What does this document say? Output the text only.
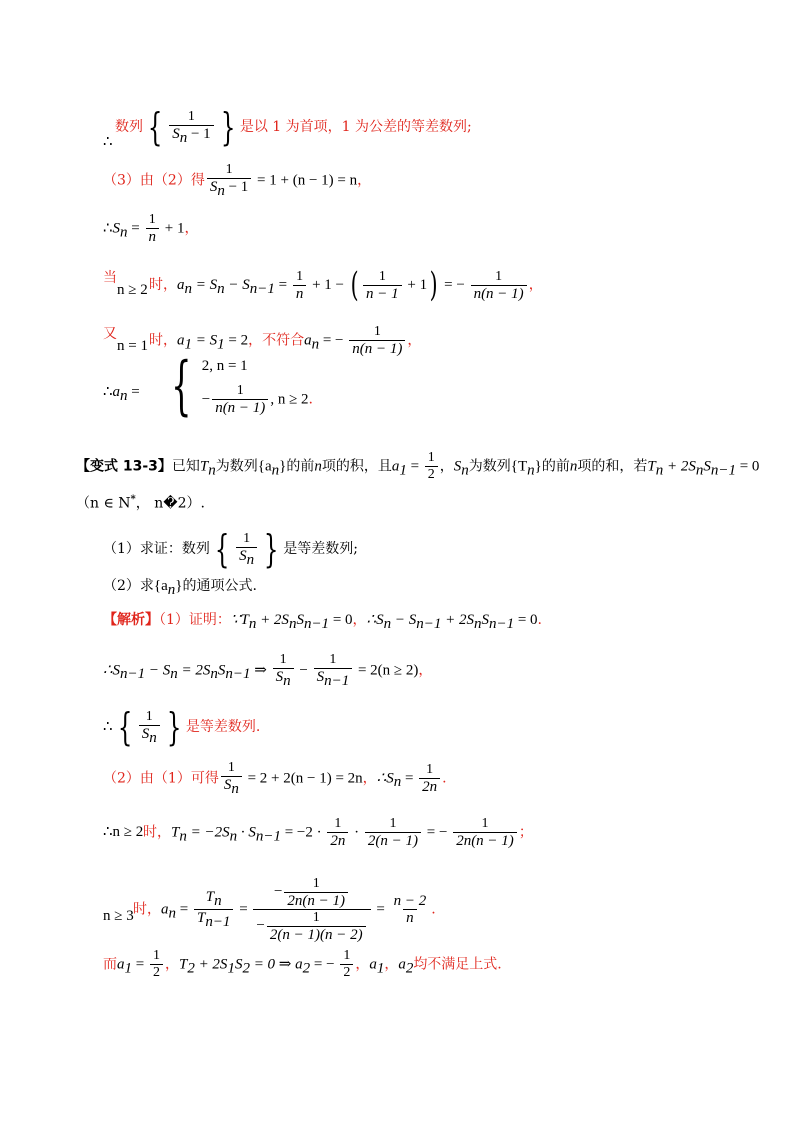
∴
数列 { $\frac{1}{S_n - 1}$ } 是以 1 为首项，1 为公差的等差数列;
（3）由（2）得 $\frac{1}{S_n - 1} = 1 + (n - 1) = n$，
$\therefore S_n = \frac{1}{n} + 1$，
当
n ≥ 2 时，$a_n = S_n - S_{n-1} = \frac{1}{n} + 1$ − ( $\frac{1}{n - 1} + 1$) = − $\frac{1}{n(n - 1)}$ ，
又
n = 1 时，$a_1 = S_1 = 2$，不符合$a_n$ = − $\frac{1}{n(n - 1)}$ ，
$\therefore a_n$ = { 2, n = 1
− $\frac{1}{n(n - 1)}$ , n ≥ 2.
【变式 13-3】已知$T_n$为数列$\{a_n\}$的前n项的积，且$a_1 = \frac{1}{2}$ ，$S_n$为数列$\{T_n\}$的前n项的和，若$T_n + 2S_nS_{n-1} = 0$
（n ∈ N*， n�2）.
（1）求证：数列 { $\frac{1}{S_n}$ } 是等差数列;
（2）求$\{a_n\}$的通项公式.
【解析】（1）证明：$\because T_n + 2S_nS_{n-1} = 0$，$\therefore S_n - S_{n-1} + 2S_nS_{n-1} = 0$.
$\therefore S_{n-1} - S_n = 2S_nS_{n-1}$ ⇒ $\frac{1}{S_n} - \frac{1}{S_{n-1}} = 2(n \ge 2)$，
∴ { $\frac{1}{S_n}$ } 是等差数列.
（2）由（1）可得 $\frac{1}{S_n} = 2 + 2(n - 1) = 2n$，$\therefore S_n = \frac{1}{2n}$ .
∴n ≥ 2 时，$T_n = -2S_n \cdot S_{n-1} = -2 \cdot \frac{1}{2n} \cdot \frac{1}{2(n - 1)}$ = − $\frac{1}{2n(n - 1)}$ ；
n ≥ 3 时，$a_n = \frac{T_n}{T_{n-1}} = \frac{- \frac{1}{2n(n - 1)}}{- \frac{1}{2(n - 1)(n - 2)}} = \frac{n - 2}{n}$ .
而$a_1 = \frac{1}{2}$ ，$T_2 + 2S_1S_2 = 0$ ⇒ $a_2$ = − $\frac{1}{2}$ ，$a_1$，$a_2$均不满足上式.
